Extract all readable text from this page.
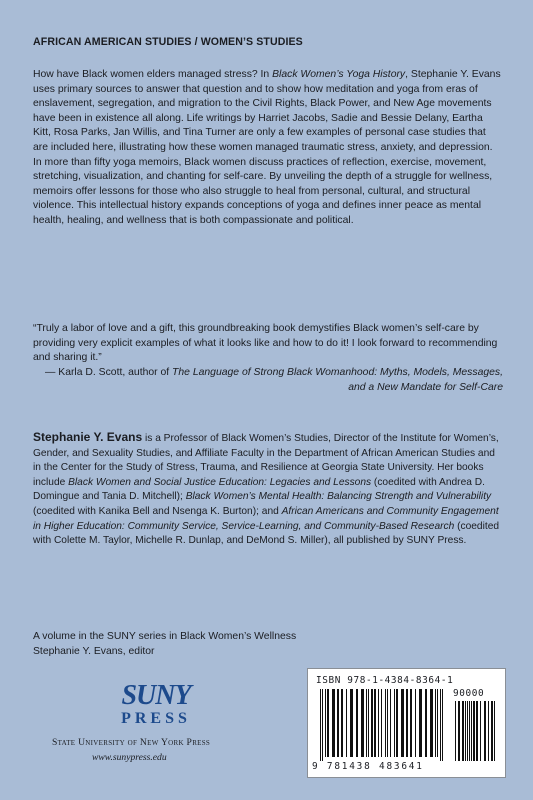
AFRICAN AMERICAN STUDIES / WOMEN’S STUDIES

How have Black women elders managed stress? In Black Women’s Yoga History, Stephanie Y. Evans uses primary sources to answer that question and to show how meditation and yoga from eras of enslavement, segregation, and migration to the Civil Rights, Black Power, and New Age movements have been in existence all along. Life writings by Harriet Jacobs, Sadie and Bessie Delany, Eartha Kitt, Rosa Parks, Jan Willis, and Tina Turner are only a few examples of personal case studies that are included here, illustrating how these women managed traumatic stress, anxiety, and depression. In more than fifty yoga memoirs, Black women discuss practices of reflection, exercise, movement, stretching, visualization, and chanting for self-care. By unveiling the depth of a struggle for wellness, memoirs offer lessons for those who also struggle to heal from personal, cultural, and structural violence. This intellectual history expands conceptions of yoga and defines inner peace as mental health, healing, and wellness that is both compassionate and political.

“Truly a labor of love and a gift, this groundbreaking book demystifies Black women’s self-care by providing very explicit examples of what it looks like and how to do it! I look forward to recommending and sharing it.”

— Karla D. Scott, author of The Language of Strong Black Womanhood: Myths, Models, Messages, and a New Mandate for Self-Care

Stephanie Y. Evans is a Professor of Black Women’s Studies, Director of the Institute for Women’s, Gender, and Sexuality Studies, and Affiliate Faculty in the Department of African American Studies and in the Center for the Study of Stress, Trauma, and Resilience at Georgia State University. Her books include Black Women and Social Justice Education: Legacies and Lessons (coedited with Andrea D. Domingue and Tania D. Mitchell); Black Women’s Mental Health: Balancing Strength and Vulnerability (coedited with Kanika Bell and Nsenga K. Burton); and African Americans and Community Engagement in Higher Education: Community Service, Service-Learning, and Community-Based Research (coedited with Colette M. Taylor, Michelle R. Dunlap, and DeMond S. Miller), all published by SUNY Press.

A volume in the SUNY series in Black Women’s Wellness
Stephanie Y. Evans, editor
SUNY
PRESS
State University of New York Press
www.sunypress.edu
ISBN 978-1-4384-8364-1
90000
9 781438 483641
